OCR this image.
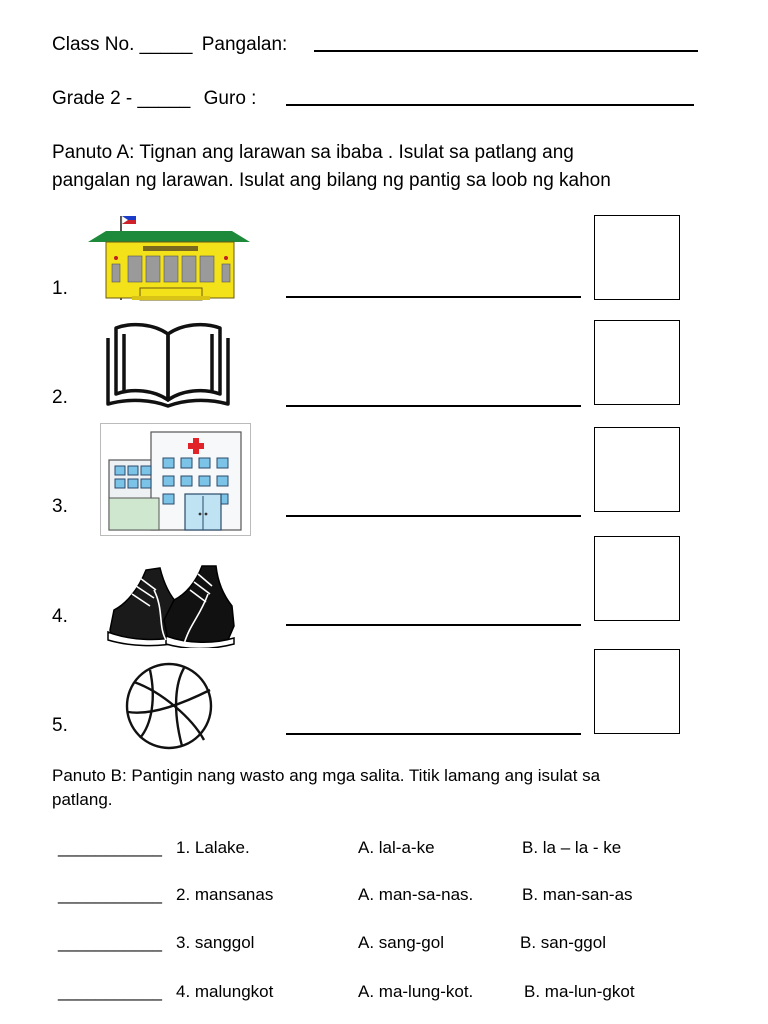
Class No. _____ Pangalan:
Grade 2 - _____ Guro :
Panuto A: Tignan ang larawan sa ibaba . Isulat sa patlang ang
pangalan ng larawan. Isulat ang bilang ng pantig sa loob ng kahon
1.
2.
3.
4.
5.
Panuto B: Pantigin nang wasto ang mga salita. Titik lamang ang isulat sa
patlang.
___________ 1. Lalake.	A. lal-a-ke	B. la – la - ke
___________ 2. mansanas	A. man-sa-nas.	B. man-san-as
___________ 3. sanggol	A. sang-gol	B. san-ggol
___________ 4. malungkot	A. ma-lung-kot.	B. ma-lun-gkot
